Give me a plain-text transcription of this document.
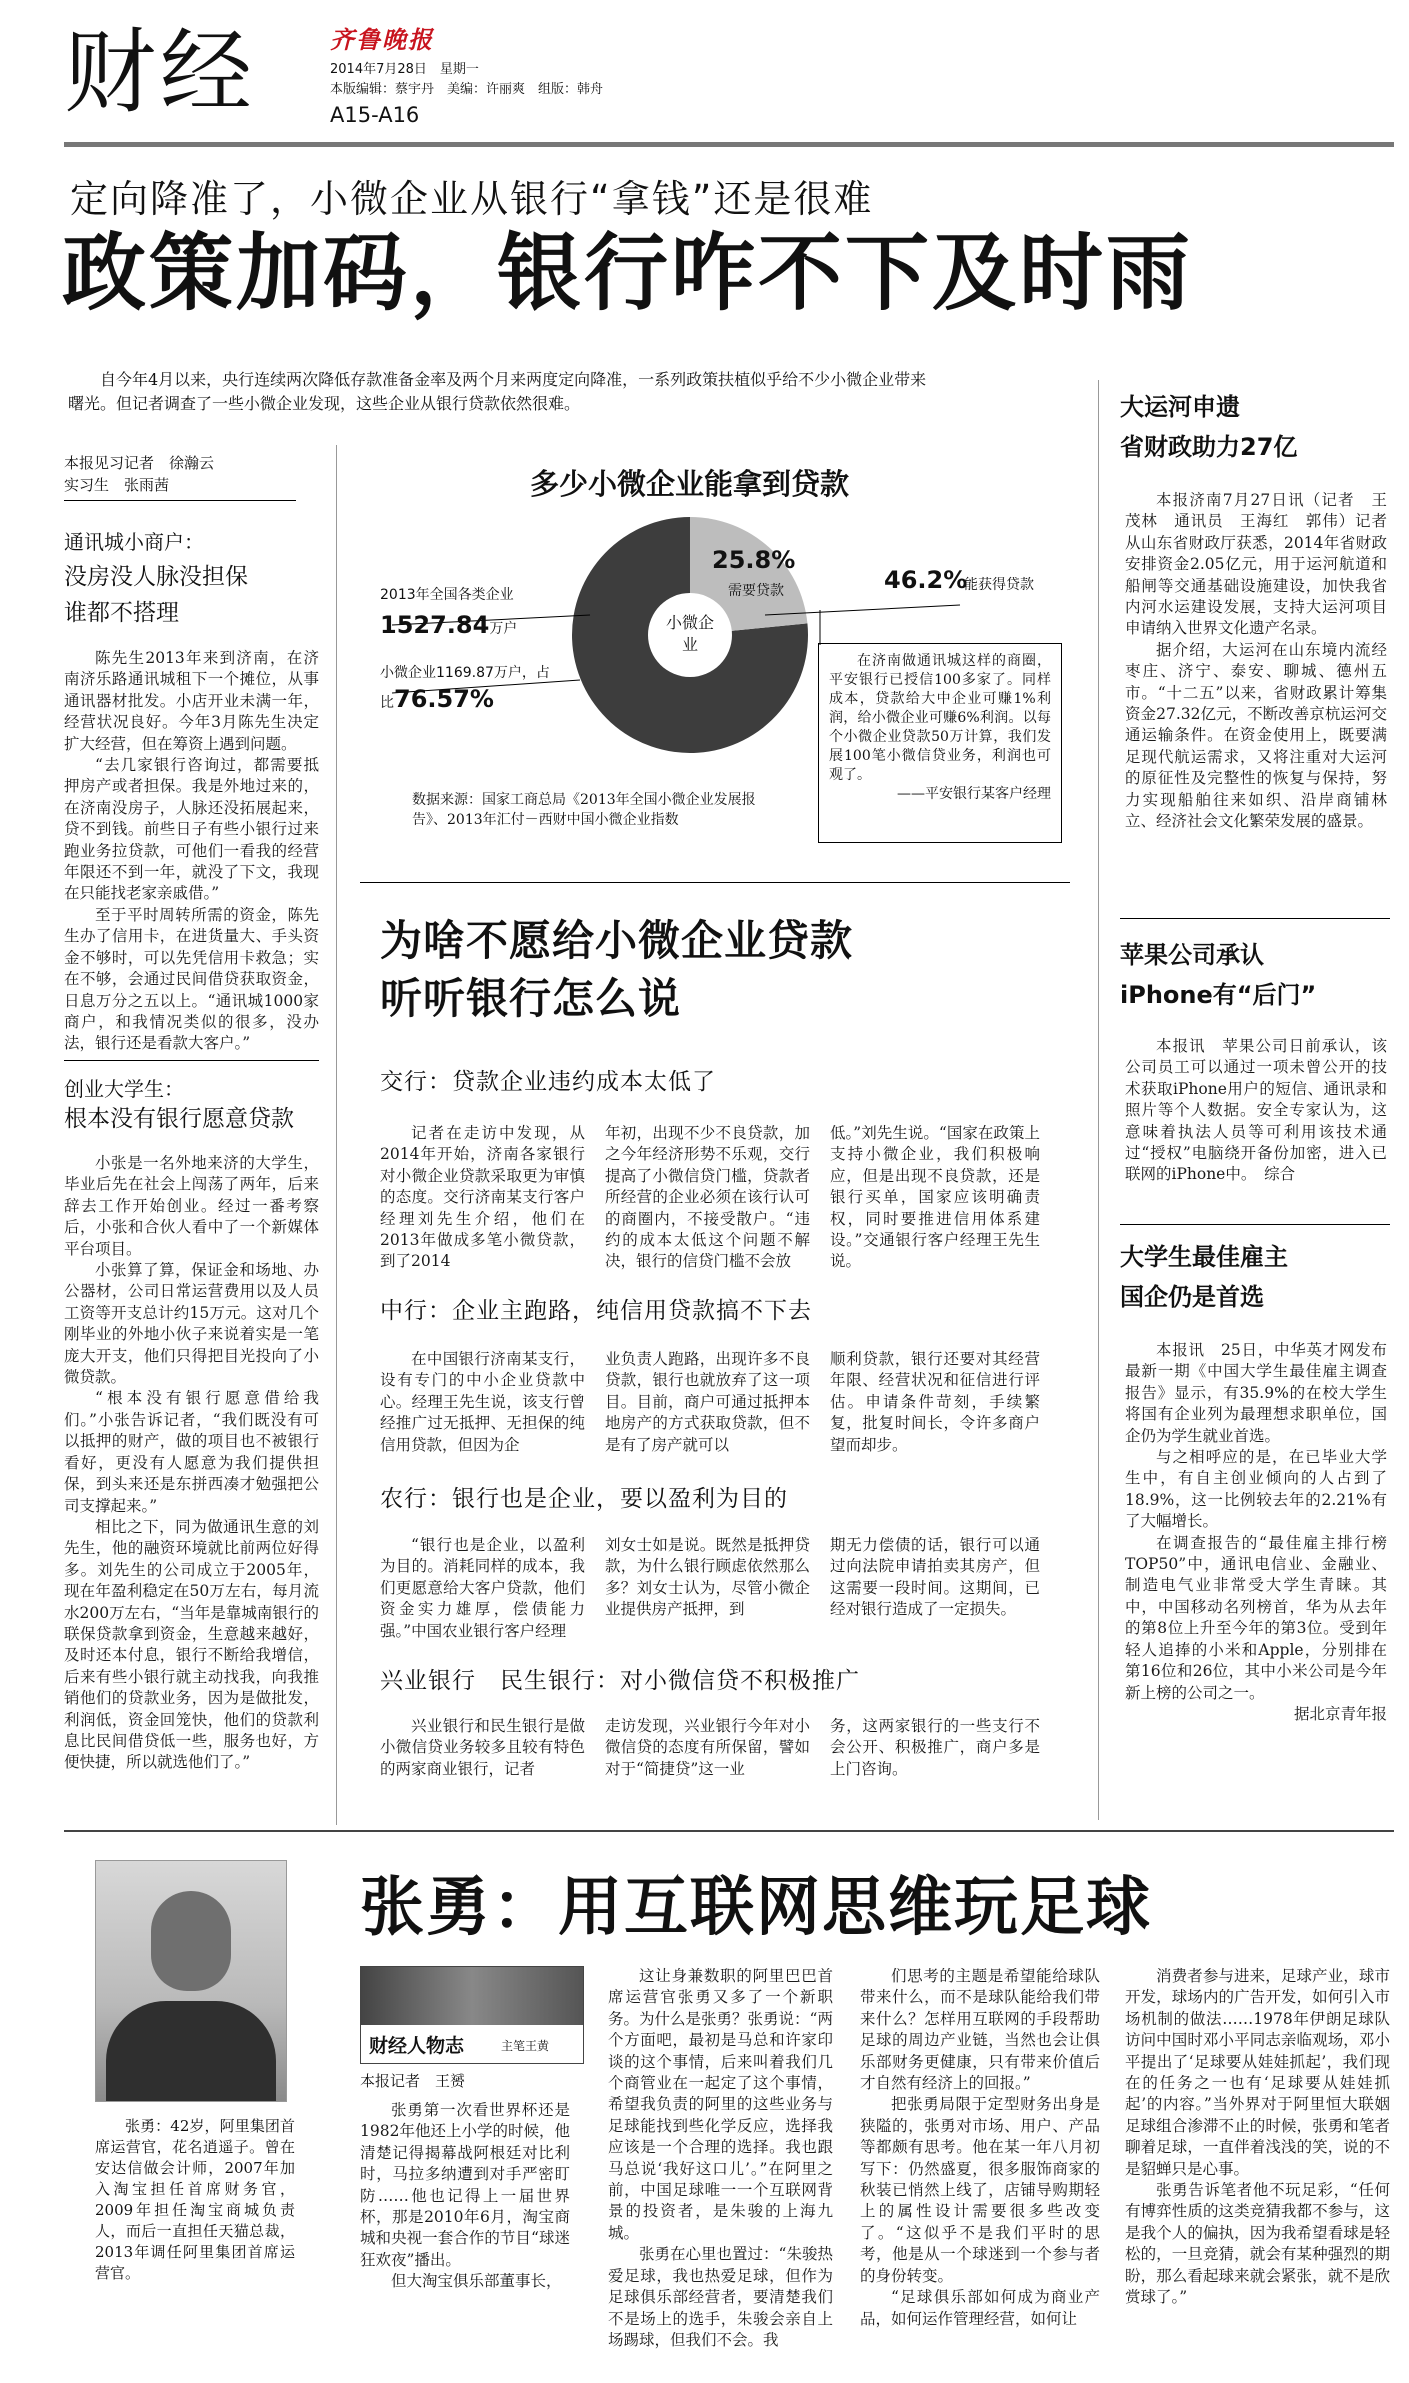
财经	齐鲁晚报
2014年7月28日　星期一
本版编辑：蔡宇丹　美编：许丽爽　组版：韩舟
A15-A16
定向降准了，小微企业从银行“拿钱”还是很难
政策加码，银行咋不下及时雨
自今年4月以来，央行连续两次降低存款准备金率及两个月来两度定向降准，一系列政策扶植似乎给不少小微企业带来曙光。但记者调查了一些小微企业发现，这些企业从银行贷款依然很难。
本报见习记者　徐瀚云
实习生　张雨茜
通讯城小商户：
没房没人脉没担保
谁都不搭理

陈先生2013年来到济南，在济南济乐路通讯城租下一个摊位，从事通讯器材批发。小店开业未满一年，经营状况良好。今年3月陈先生决定扩大经营，但在筹资上遇到问题。

“去几家银行咨询过，都需要抵押房产或者担保。我是外地过来的，在济南没房子，人脉还没拓展起来，贷不到钱。前些日子有些小银行过来跑业务拉贷款，可他们一看我的经营年限还不到一年，就没了下文，我现在只能找老家亲戚借。”

至于平时周转所需的资金，陈先生办了信用卡，在进货量大、手头资金不够时，可以先凭信用卡救急；实在不够，会通过民间借贷获取资金，日息万分之五以上。“通讯城1000家商户，和我情况类似的很多，没办法，银行还是看款大客户。”

创业大学生：
根本没有银行愿意贷款

小张是一名外地来济的大学生，毕业后先在社会上闯荡了两年，后来辞去工作开始创业。经过一番考察后，小张和合伙人看中了一个新媒体平台项目。

小张算了算，保证金和场地、办公器材，公司日常运营费用以及人员工资等开支总计约15万元。这对几个刚毕业的外地小伙子来说着实是一笔庞大开支，他们只得把目光投向了小微贷款。

“根本没有银行愿意借给我们。”小张告诉记者，“我们既没有可以抵押的财产，做的项目也不被银行看好，更没有人愿意为我们提供担保，到头来还是东拼西凑才勉强把公司支撑起来。”

相比之下，同为做通讯生意的刘先生，他的融资环境就比前两位好得多。刘先生的公司成立于2005年，现在年盈利稳定在50万左右，每月流水200万左右，“当年是靠城南银行的联保贷款拿到资金，生意越来越好，及时还本付息，银行不断给我增信，后来有些小银行就主动找我，向我推销他们的贷款业务，因为是做批发，利润低，资金回笼快，他们的贷款利息比民间借贷低一些，服务也好，方便快捷，所以就选他们了。”

多少小微企业能拿到贷款
小微企业
25.8%
需要贷款	46.2%
能获得贷款
2013年全国各类企业
1527.84万户
小微企业1169.87万户，占比76.57%
数据来源：国家工商总局《2013年全国小微企业发展报告》、2013年汇付－西财中国小微企业指数
在济南做通讯城这样的商圈，平安银行已授信100多家了。同样成本，贷款给大中企业可赚1%利润，给小微企业可赚6%利润。以每个小微企业贷款50万计算，我们发展100笔小微信贷业务，利润也可观了。
——平安银行某客户经理
为啥不愿给小微企业贷款
听听银行怎么说
交行：贷款企业违约成本太低了
记者在走访中发现，从2014年开始，济南各家银行对小微企业贷款采取更为审慎的态度。交行济南某支行客户经理刘先生介绍，他们在2013年做成多笔小微贷款，到了2014
年初，出现不少不良贷款，加之今年经济形势不乐观，交行提高了小微信贷门槛，贷款者所经营的企业必须在该行认可的商圈内，不接受散户。“违约的成本太低这个问题不解决，银行的信贷门槛不会放
低。”刘先生说。“国家在政策上支持小微企业，我们积极响应，但是出现不良贷款，还是银行买单，国家应该明确责权，同时要推进信用体系建设。”交通银行客户经理王先生说。
中行：企业主跑路，纯信用贷款搞不下去
在中国银行济南某支行，设有专门的中小企业贷款中心。经理王先生说，该支行曾经推广过无抵押、无担保的纯信用贷款，但因为企
业负责人跑路，出现许多不良贷款，银行也就放弃了这一项目。目前，商户可通过抵押本地房产的方式获取贷款，但不是有了房产就可以
顺利贷款，银行还要对其经营年限、经营状况和征信进行评估。申请条件苛刻，手续繁复，批复时间长，令许多商户望而却步。
农行：银行也是企业，要以盈利为目的
“银行也是企业，以盈利为目的。消耗同样的成本，我们更愿意给大客户贷款，他们资金实力雄厚，偿债能力强。”中国农业银行客户经理
刘女士如是说。既然是抵押贷款，为什么银行顾虑依然那么多？刘女士认为，尽管小微企业提供房产抵押，到
期无力偿债的话，银行可以通过向法院申请拍卖其房产，但这需要一段时间。这期间，已经对银行造成了一定损失。
兴业银行　民生银行：对小微信贷不积极推广
兴业银行和民生银行是做小微信贷业务较多且较有特色的两家商业银行，记者
走访发现，兴业银行今年对小微信贷的态度有所保留，譬如对于“简捷贷”这一业
务，这两家银行的一些支行不会公开、积极推广，商户多是上门咨询。
大运河申遗
省财政助力27亿

本报济南7月27日讯（记者　王茂林　通讯员　王海红　郭伟）记者从山东省财政厅获悉，2014年省财政安排资金2.05亿元，用于运河航道和船闸等交通基础设施建设，加快我省内河水运建设发展，支持大运河项目申请纳入世界文化遗产名录。

据介绍，大运河在山东境内流经枣庄、济宁、泰安、聊城、德州五市。“十二五”以来，省财政累计筹集资金27.32亿元，不断改善京杭运河交通运输条件。在资金使用上，既要满足现代航运需求，又将注重对大运河的原征性及完整性的恢复与保持，努力实现船舶往来如织、沿岸商铺林立、经济社会文化繁荣发展的盛景。

苹果公司承认
iPhone有“后门”

本报讯　苹果公司日前承认，该公司员工可以通过一项未曾公开的技术获取iPhone用户的短信、通讯录和照片等个人数据。安全专家认为，这意味着执法人员等可利用该技术通过“授权”电脑绕开备份加密，进入已联网的iPhone中。　综合

大学生最佳雇主
国企仍是首选

本报讯　25日，中华英才网发布最新一期《中国大学生最佳雇主调查报告》显示，有35.9%的在校大学生将国有企业列为最理想求职单位，国企仍为学生就业首选。

与之相呼应的是，在已毕业大学生中，有自主创业倾向的人占到了18.9%，这一比例较去年的2.21%有了大幅增长。

在调查报告的“最佳雇主排行榜TOP50”中，通讯电信业、金融业、制造电气业非常受大学生青睐。其中，中国移动名列榜首，华为从去年的第8位上升至今年的第3位。受到年轻人追捧的小米和Apple，分别排在第16位和26位，其中小米公司是今年新上榜的公司之一。

据北京青年报

张勇：42岁，阿里集团首席运营官，花名逍遥子。曾在安达信做会计师，2007年加入淘宝担任首席财务官，2009年担任淘宝商城负责人，而后一直担任天猫总裁，2013年调任阿里集团首席运营官。
张勇：用互联网思维玩足球
财经人物志	主笔王黄
本报记者　王赟

张勇第一次看世界杯还是1982年他还上小学的时候，他清楚记得揭幕战阿根廷对比利时，马拉多纳遭到对手严密盯防……他也记得上一届世界杯，那是2010年6月，淘宝商城和央视一套合作的节目“球迷狂欢夜”播出。

但大淘宝俱乐部董事长，

这让身兼数职的阿里巴巴首席运营官张勇又多了一个新职务。为什么是张勇？张勇说：“两个方面吧，最初是马总和许家印谈的这个事情，后来叫着我们几个商管业在一起定了这个事情，希望我负责的阿里的这些业务与足球能找到些化学反应，选择我应该是一个合理的选择。我也跟马总说‘我好这口儿’。”在阿里之前，中国足球唯一一个互联网背景的投资者，是朱骏的上海九城。

张勇在心里也置过：“朱骏热爱足球，我也热爱足球，但作为足球俱乐部经营者，要清楚我们不是场上的选手，朱骏会亲自上场踢球，但我们不会。我

们思考的主题是希望能给球队带来什么，而不是球队能给我们带来什么？怎样用互联网的手段帮助足球的周边产业链，当然也会让俱乐部财务更健康，只有带来价值后才自然有经济上的回报。”

把张勇局限于定型财务出身是狭隘的，张勇对市场、用户、产品等都颇有思考。他在某一年八月初写下：仍然盛夏，很多服饰商家的秋装已悄然上线了，店铺导购期轻上的属性设计需要很多些改变了。“这似乎不是我们平时的思考，他是从一个球迷到一个参与者的身份转变。

“足球俱乐部如何成为商业产品，如何运作管理经营，如何让

消费者参与进来，足球产业，球市开发，球场内的广告开发，如何引入市场机制的做法……1978年伊朗足球队访问中国时邓小平同志亲临观场，邓小平提出了‘足球要从娃娃抓起’，我们现在的任务之一也有‘足球要从娃娃抓起’的内容。”当外界对于阿里恒大联姻足球组合渗滞不止的时候，张勇和笔者聊着足球，一直伴着浅浅的笑，说的不是貂蝉只是心事。

张勇告诉笔者他不玩足彩，“任何有博弈性质的这类竞猜我都不参与，这是我个人的偏执，因为我希望看球是轻松的，一旦竞猜，就会有某种强烈的期盼，那么看起球来就会紧张，就不是欣赏球了。”
